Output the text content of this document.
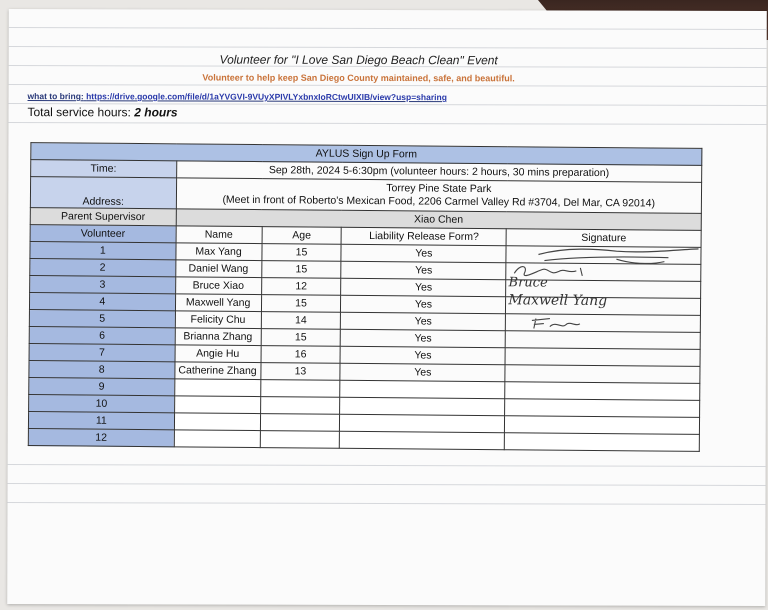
Volunteer for "I Love San Diego Beach Clean" Event
Volunteer to help keep San Diego County maintained, safe, and beautiful.
what to bring: https://drive.google.com/file/d/1aYVGVI-9VUyXPIVLYxbnxIoRCtwUIXIB/view?usp=sharing
Total service hours: 2 hours
AYLUS Sign Up Form				
Time:	Sep 28th, 2024 5-6:30pm (volunteer hours: 2 hours, 30 mins preparation)			
Address:	Torrey Pine State Park
(Meet in front of Roberto's Mexican Food, 2206 Carmel Valley Rd #3704, Del Mar, CA 92014)			

Parent Supervisor	Xiao Chen			
Volunteer	Name	Age	Liability Release Form?	Signature
1	Max Yang	15	Yes	

2	Daniel Wang	15	Yes	

3	Bruce Xiao	12	Yes	Bruce

4	Maxwell Yang	15	Yes	Maxwell Yang

5	Felicity Chu	14	Yes	

6	Brianna Zhang	15	Yes	
7	Angie Hu	16	Yes	
8	Catherine Zhang	13	Yes	
9				
10				
11				
12				
